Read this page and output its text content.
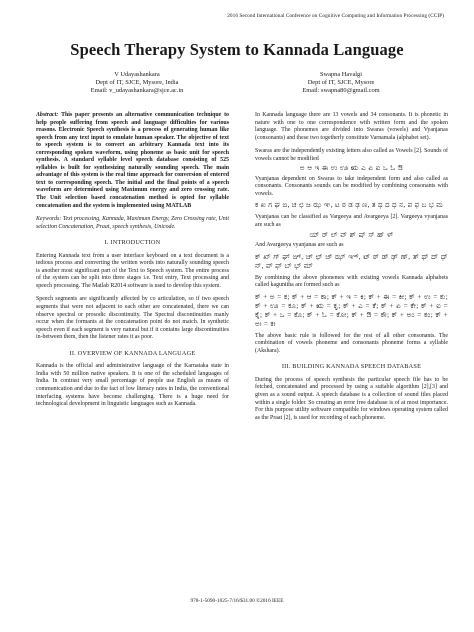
2016 Second International Conference on Cognitive Computing and Information Processing (CCIP)
Speech Therapy System to Kannada Language
V Udayashankara
Dept of IT, SJCE, Mysore, India
Email: v_udayashankara@sjce.ac.in
Swapna Havalgi
Dept of IT, SJCE, Mysore
Email: swapna80@gmail.com

Abstract: This paper presents an alternative communication technique to help people suffering from speech and language difficulties for various reasons. Electronic Speech synthesis is a process of generating human like speech from any text input to emulate human speaker. The objective of text to speech system is to convert an arbitrary Kannada text into its corresponding spoken waveform, using phoneme as basic unit for speech synthesis. A standard syllable level speech database consisting of 525 syllables is built for synthesizing naturally sounding speech. The main advantage of this system is the real time approach for conversion of entered text to corresponding speech. The initial and the final points of a speech waveform are determined using Maximum energy and zero crossing rate. The Unit selection based concatenation method is opted for syllable concatenation and the system is implemented using MATLAB

Keywords: Text processing, Kannada, Maximum Energy, Zero Crossing rate, Unit selection Concatenation, Praat, speech synthesis, Unicode.

I. INTRODUCTION

Entering Kannada text from a user interface keyboard on a text document is a tedious process and converting the written words into naturally sounding speech is another most significant part of the Text to Speech system. The entire process of the system can be split into three stages i.e. Text entry, Text processing and speech processing. The Matlab R2014 software is used to develop this system.

Speech segments are significantly affected by co articulation, so if two speech segments that were not adjacent to each other are concatenated, there we can observe spectral or prosodic discontinuity. The Spectral discontinuities manly occur when the formants at the concatenation point do not match. In synthetic speech even if each segment is very natural but if it contains large discontinuities in-between them, then the listener rates it as poor.

II. OVERVIEW OF KANNADA LANGUAGE

Kannada is the official and administrative language of the Karnataka state in India with 50 million native speakers. It is one of the scheduled languages of India. In contrast very small percentage of people use English as means of communication and due to the fact of low literacy rates in India, the conventional interfacing systems have become challenging. There is a huge need for technological development in linguistic languages such as Kannada.

In Kannada language there are 13 vowels and 34 consonants. It is phonetic in nature with one to one correspondence with written form and the spoken language. The phonemes are divided into Swaras (vowels) and Vyanjanas (consonants) and these two togetherly constitute Varnamala (alphabet set).

Swaras are the independently existing letters also called as Vowels [2]. Sounds of vowels cannot be modified

ಅ ಆ ಇ ಈ ಉ ಊ ಋ ಎ ಏ ಐ ಒ ಓ ಔ

Vyanjanas dependent on Swaras to take independent form and also called as consonants. Consonants sounds can be modified by combining consonants with vowels.

ಕ ಖ ಗ ಘ ಙ, ಚ ಛ ಜ ಝ ಞ, ಟ ಠ ಡ ಢ ಣ, ತ ಥ ದ ಧ ನ, ಪ ಫ ಬ ಭ ಮ

Vyanjanas can be classified as Vargeeya and Avargeeya [2]. Vargeeya vyanjanas are such as

ಯ್ ರ್ ಲ್ ವ್ ಶ್ ಷ್ ಸ್ ಹ್ ಳ್

And Avargeeya vyanjanas are such as

ಕ್ ಖ್ ಗ್ ಘ್ ಙ್, ಚ್ ಛ್ ಜ್ ಝ್ ಞ್, ಟ್ ಠ್ ಡ್ ಢ್ ಣ್, ತ್ ಥ್ ದ್ ಧ್ ನ್, ಪ್ ಫ್ ಬ್ ಭ್ ಮ್

By combining the above phonemes with existing vowels Kannada alphabets called kagunitha are formed such as

ಕ್ + ಅ = ಕ; ಕ್ + ಆ = ಕಾ; ಕ್ + ಇ = ಕಿ; ಕ್ + ಈ = ಕೀ; ಕ್ + ಉ = ಕು; ಕ್ + ಊ = ಕೂ; ಕ್ + ಋ = ಕೃ; ಕ್ + ಎ = ಕೆ; ಕ್ + ಏ = ಕೇ; ಕ್ + ಐ = ಕೈ; ಕ್ + ಒ = ಕೊ; ಕ್ + ಓ = ಕೋ; ಕ್ + ಔ = ಕೌ; ಕ್ + ಅಂ = ಕಂ; ಕ್ + ಅಃ = ಕಃ

The above basic rule is followed for the rest of all other consonants. The combination of vowels phoneme and consonants phoneme forms a syllable (Akshara).

III. BUILDING KANNADA SPEECH DATABASE

During the process of speech synthesis the particular speech file has to be fetched, concatenated and processed by using a suitable algorithm [2],[3] and given as a sound output. A speech database is a collection of sound files placed within a single folder. So creating an error free database is of at most importance. For this purpose utility software compatible for windows operating system called as the Praat [2], is used for recording of each phoneme.

978-1-5090-1025-7/16/$31.00 ©2016 IEEE
